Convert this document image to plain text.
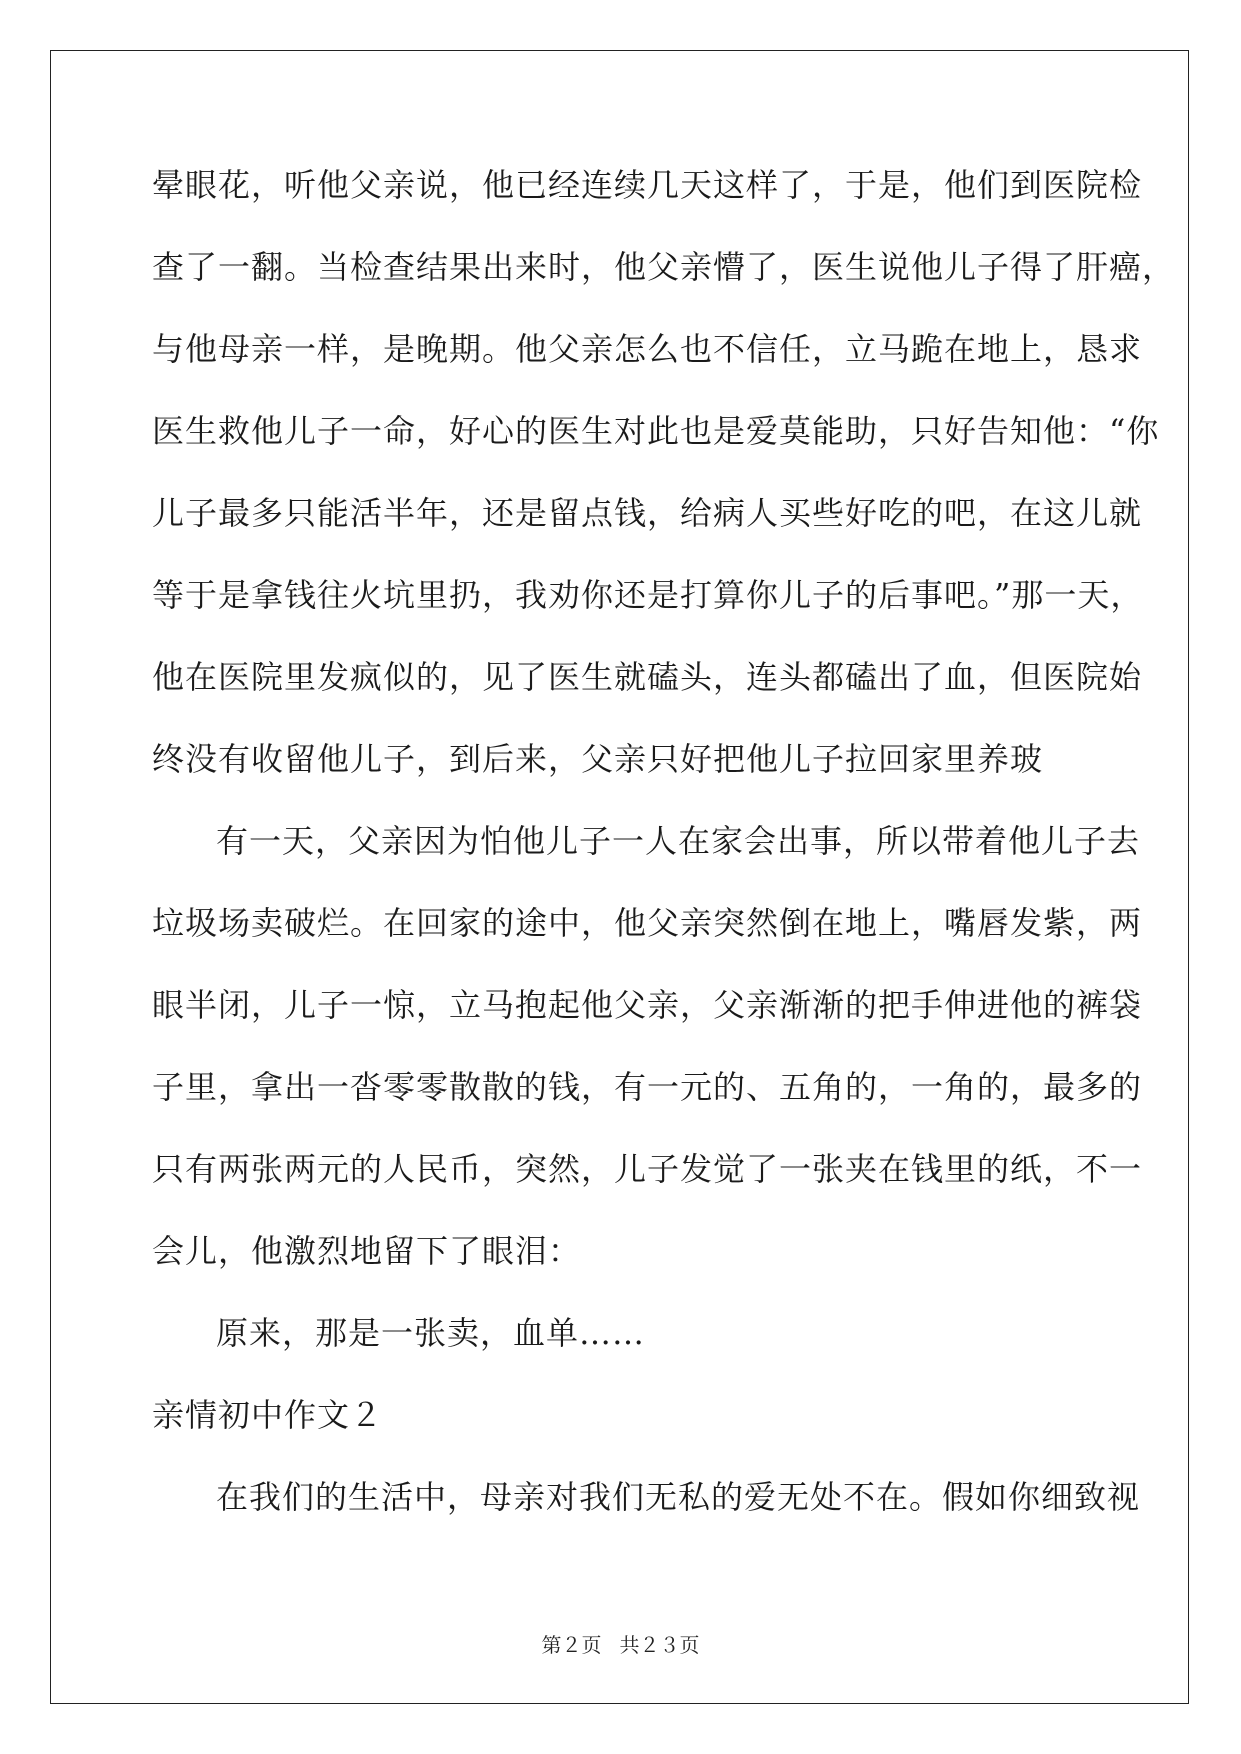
晕眼花，听他父亲说，他已经连续几天这样了，于是，他们到医院检
查了一翻。当检查结果出来时，他父亲懵了，医生说他儿子得了肝癌，
与他母亲一样，是晚期。他父亲怎么也不信任，立马跪在地上，恳求
医生救他儿子一命，好心的医生对此也是爱莫能助，只好告知他：“你
儿子最多只能活半年，还是留点钱，给病人买些好吃的吧，在这儿就
等于是拿钱往火坑里扔，我劝你还是打算你儿子的后事吧。”那一天，
他在医院里发疯似的，见了医生就磕头，连头都磕出了血，但医院始
终没有收留他儿子，到后来，父亲只好把他儿子拉回家里养玻
有一天，父亲因为怕他儿子一人在家会出事，所以带着他儿子去
垃圾场卖破烂。在回家的途中，他父亲突然倒在地上，嘴唇发紫，两
眼半闭，儿子一惊，立马抱起他父亲，父亲渐渐的把手伸进他的裤袋
子里，拿出一沓零零散散的钱，有一元的、五角的，一角的，最多的
只有两张两元的人民币，突然，儿子发觉了一张夹在钱里的纸，不一
会儿，他激烈地留下了眼泪：
原来，那是一张卖，血单……
亲情初中作文２
在我们的生活中，母亲对我们无私的爱无处不在。假如你细致视
第２页 共２３页
